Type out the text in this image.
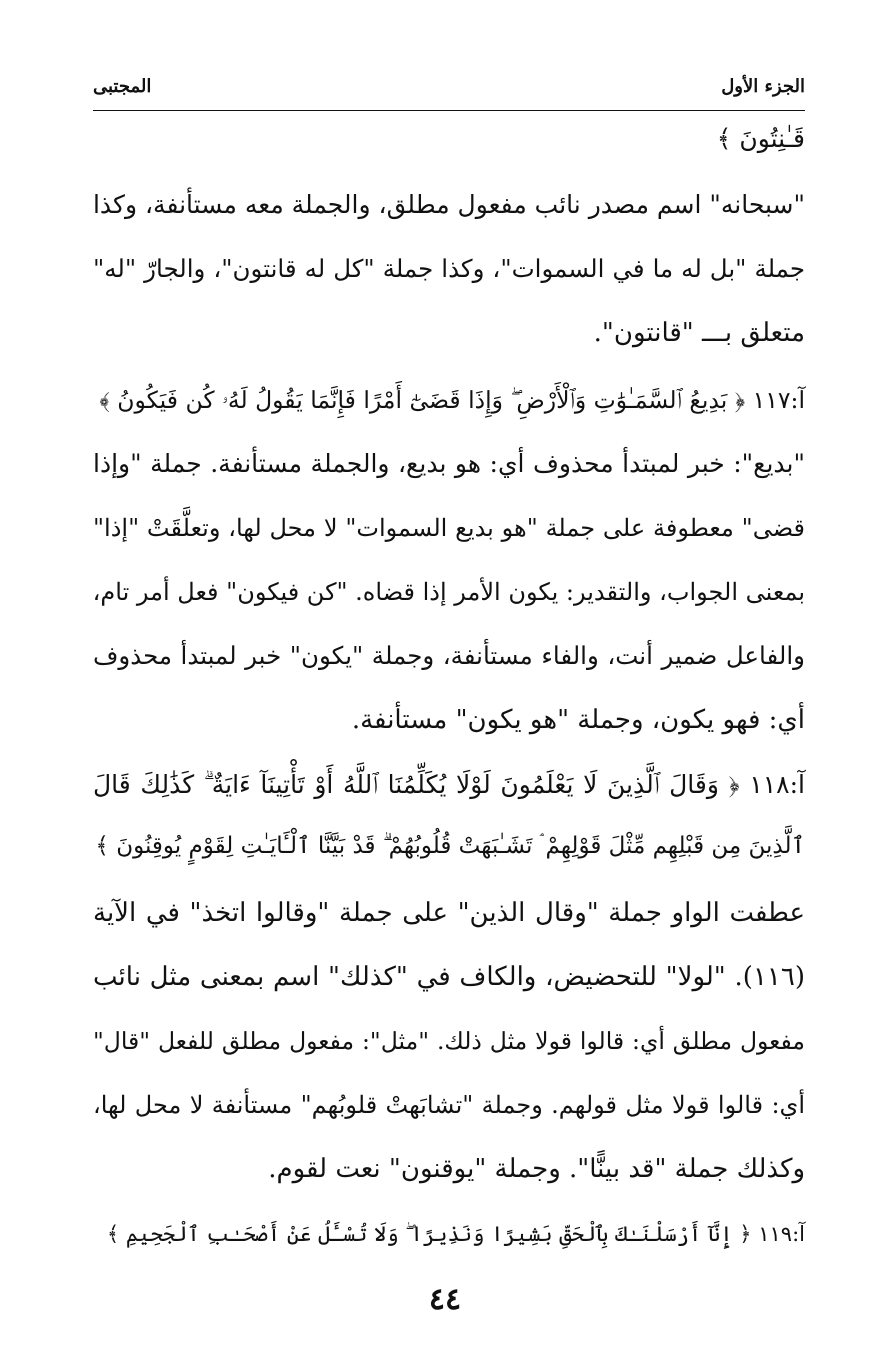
الجزء الأول
المجتبى
قَـٰنِتُونَ ﴾
"سبحانه" اسم مصدر نائب مفعول مطلق، والجملة معه مستأنفة، وكذا
جملة "بل له ما في السموات"، وكذا جملة "كل له قانتون"، والجارّ "له"
متعلق بـــ "قانتون".
آ:١١٧ ﴿ بَدِيعُ ٱلسَّمَـٰوَٰتِ وَٱلْأَرْضِ ۖ وَإِذَا قَضَىٰٓ أَمْرًا فَإِنَّمَا يَقُولُ لَهُۥ كُن فَيَكُونُ ﴾
"بديع": خبر لمبتدأ محذوف أي: هو بديع، والجملة مستأنفة. جملة "وإذا
قضى" معطوفة على جملة "هو بديع السموات" لا محل لها، وتعلَّقَتْ "إذا"
بمعنى الجواب، والتقدير: يكون الأمر إذا قضاه. "كن فيكون" فعل أمر تام،
والفاعل ضمير أنت، والفاء مستأنفة، وجملة "يكون" خبر لمبتدأ محذوف
أي: فهو يكون، وجملة "هو يكون" مستأنفة.
آ:١١٨ ﴿ وَقَالَ ٱلَّذِينَ لَا يَعْلَمُونَ لَوْلَا يُكَلِّمُنَا ٱللَّهُ أَوْ تَأْتِينَآ ءَايَةٌ ۗ كَذَٰلِكَ قَالَ
ٱلَّذِينَ مِن قَبْلِهِم مِّثْلَ قَوْلِهِمْ ۘ تَشَـٰبَهَتْ قُلُوبُهُمْ ۗ قَدْ بَيَّنَّا ٱلْـَٔايَـٰتِ لِقَوْمٍ يُوقِنُونَ ﴾
عطفت الواو جملة "وقال الذين" على جملة "وقالوا اتخذ" في الآية
(١١٦). "لولا" للتحضيض، والكاف في "كذلك" اسم بمعنى مثل نائب
مفعول مطلق أي: قالوا قولا مثل ذلك. "مثل": مفعول مطلق للفعل "قال"
أي: قالوا قولا مثل قولهم. وجملة "تشابَهتْ قلوبُهم" مستأنفة لا محل لها،
وكذلك جملة "قد بينًّا". وجملة "يوقنون" نعت لقوم.
آ:١١٩ ﴿ إِنَّآ أَرْسَلْنَـٰكَ بِٱلْحَقِّ بَشِيرًا وَنَذِيرًا ۖ وَلَا تُسْـَٔلُ عَنْ أَصْحَـٰبِ ٱلْجَحِيمِ ﴾
٤٤
